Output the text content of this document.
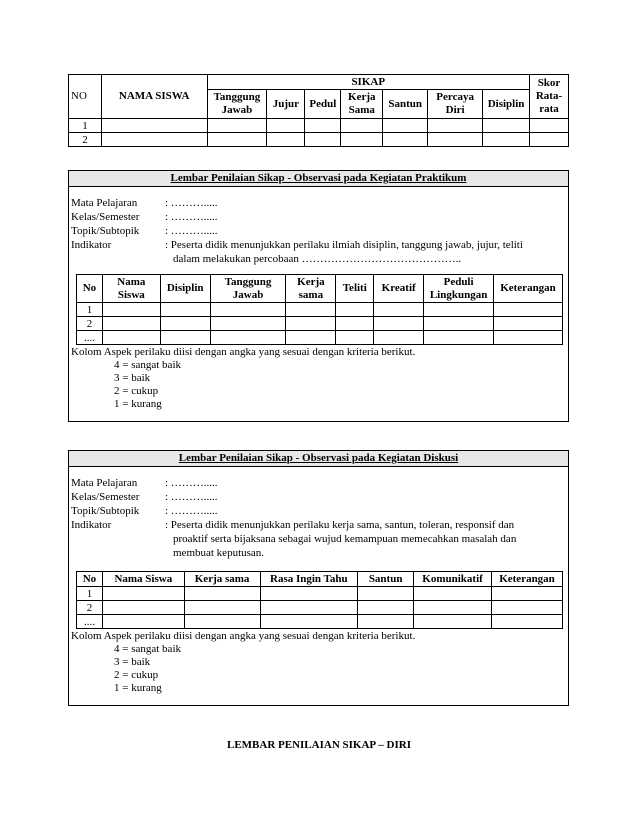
NO	NAMA SISWA	SIKAP							Skor Rata-rata
		Tanggung Jawab	Jujur	Pedul	Kerja Sama	Santun	Percaya Diri	Disiplin	
1									
2									
Lembar Penilaian Sikap - Observasi pada Kegiatan Praktikum
Mata Pelajaran	: ……….....
Kelas/Semester	: ……….....
Topik/Subtopik	: ……….....
Indikator	: Peserta didik menunjukkan perilaku ilmiah disiplin, tanggung jawab, jujur, teliti
dalam melakukan percobaan ……………………………………..
No	Nama Siswa	Disiplin	Tanggung Jawab	Kerja sama	Teliti	Kreatif	Peduli Lingkungan	Keterangan
1								
2								
....								
Kolom Aspek perilaku diisi dengan angka yang sesuai dengan kriteria berikut.
4 = sangat baik
3 = baik
2 = cukup
1 = kurang
Lembar Penilaian Sikap - Observasi pada Kegiatan Diskusi
Mata Pelajaran	: ……….....
Kelas/Semester	: ……….....
Topik/Subtopik	: ……….....
Indikator	: Peserta didik menunjukkan perilaku kerja sama, santun, toleran, responsif dan
proaktif serta bijaksana sebagai wujud kemampuan memecahkan masalah dan
membuat keputusan.
No	Nama Siswa	Kerja sama	Rasa Ingin Tahu	Santun	Komunikatif	Keterangan
1						
2						
....						
Kolom Aspek perilaku diisi dengan angka yang sesuai dengan kriteria berikut.
4 = sangat baik
3 = baik
2 = cukup
1 = kurang
LEMBAR PENILAIAN SIKAP – DIRI
